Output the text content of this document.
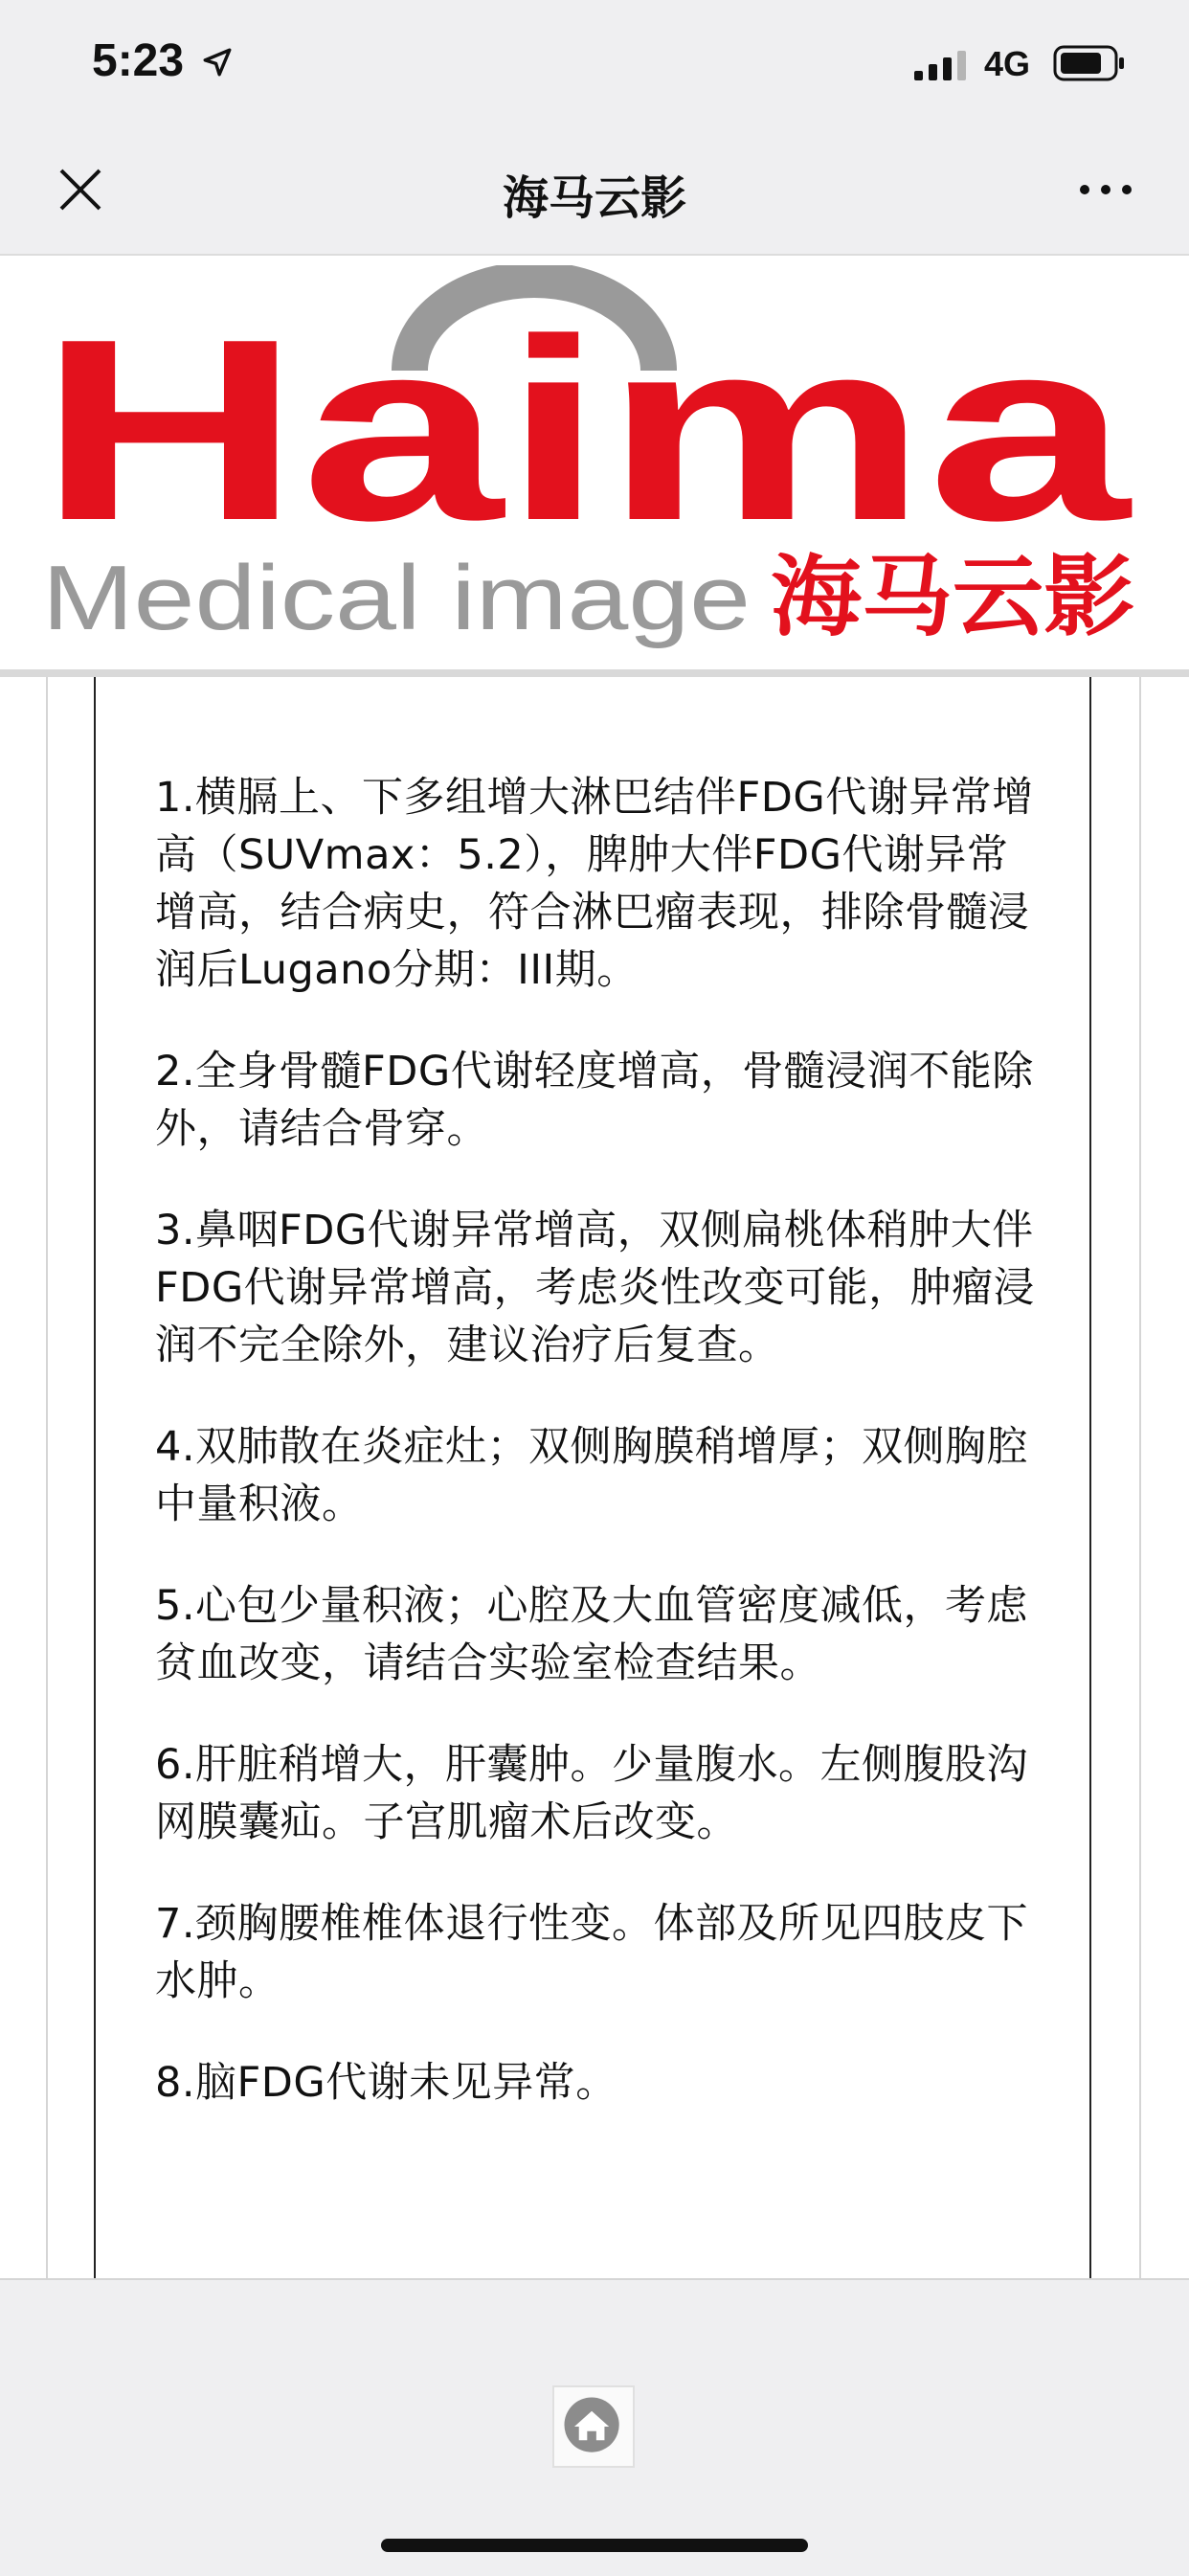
5:23	4G
海马云影
Haima
Medical image 海马云影

1.横膈上、下多组增大淋巴结伴FDG代谢异常增高（SUVmax：5.2），脾肿大伴FDG代谢异常增高，结合病史，符合淋巴瘤表现，排除骨髓浸润后Lugano分期：III期。

2.全身骨髓FDG代谢轻度增高，骨髓浸润不能除外，请结合骨穿。

3.鼻咽FDG代谢异常增高，双侧扁桃体稍肿大伴FDG代谢异常增高，考虑炎性改变可能，肿瘤浸润不完全除外，建议治疗后复查。

4.双肺散在炎症灶；双侧胸膜稍增厚；双侧胸腔中量积液。

5.心包少量积液；心腔及大血管密度减低，考虑贫血改变，请结合实验室检查结果。

6.肝脏稍增大，肝囊肿。少量腹水。左侧腹股沟网膜囊疝。子宫肌瘤术后改变。

7.颈胸腰椎椎体退行性变。体部及所见四肢皮下水肿。

8.脑FDG代谢未见异常。
